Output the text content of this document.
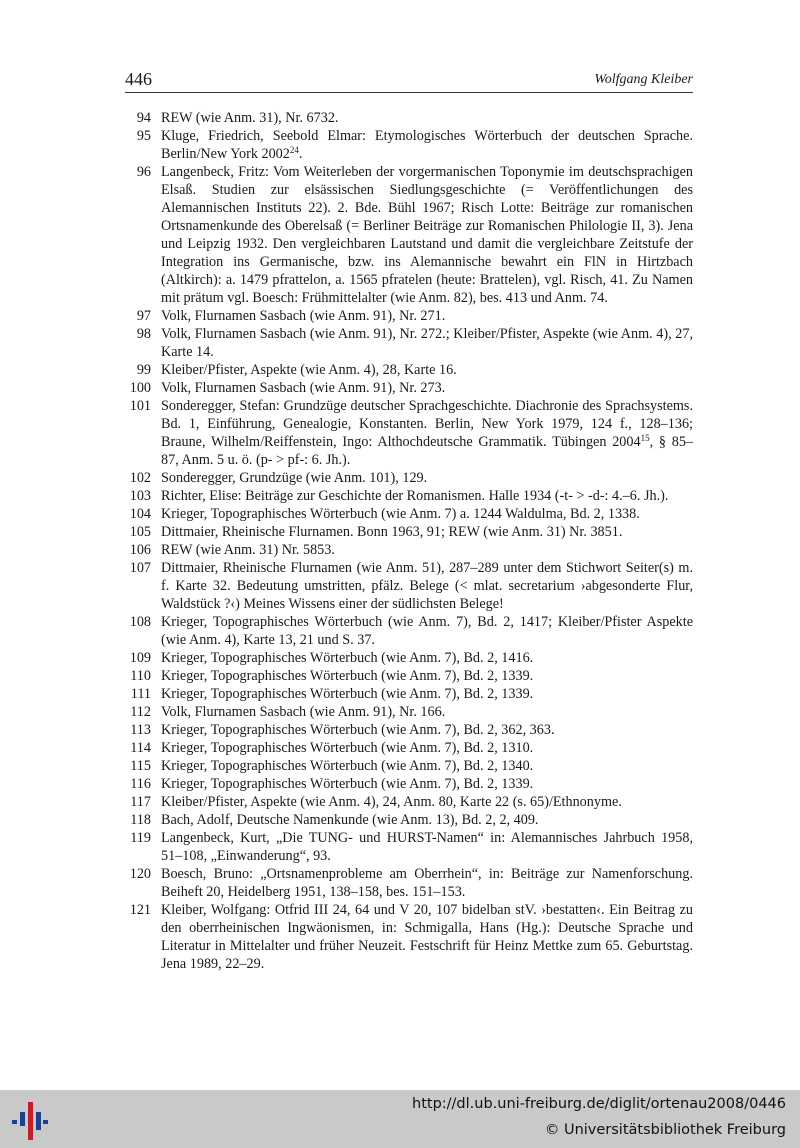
446	Wolfgang Kleiber
94 REW (wie Anm. 31), Nr. 6732.
95 Kluge, Friedrich, Seebold Elmar: Etymologisches Wörterbuch der deutschen Sprache. Berlin/New York 2002$^{24}$.
96 Langenbeck, Fritz: Vom Weiterleben der vorgermanischen Toponymie im deutschsprachigen Elsaß. Studien zur elsässischen Siedlungsgeschichte (= Veröffentlichungen des Alemannischen Instituts 22). 2. Bde. Bühl 1967; Risch Lotte: Beiträge zur romanischen Ortsnamenkunde des Oberelsaß (= Berliner Beiträge zur Romanischen Philologie II, 3). Jena und Leipzig 1932. Den vergleichbaren Lautstand und damit die vergleichbare Zeitstufe der Integration ins Germanische, bzw. ins Alemannische bewahrt ein FlN in Hirtzbach (Altkirch): a. 1479 pfrattelon, a. 1565 pfratelen (heute: Brattelen), vgl. Risch, 41. Zu Namen mit prätum vgl. Boesch: Frühmittelalter (wie Anm. 82), bes. 413 und Anm. 74.
97 Volk, Flurnamen Sasbach (wie Anm. 91), Nr. 271.
98 Volk, Flurnamen Sasbach (wie Anm. 91), Nr. 272.; Kleiber/Pfister, Aspekte (wie Anm. 4), 27, Karte 14.
99 Kleiber/Pfister, Aspekte (wie Anm. 4), 28, Karte 16.
100 Volk, Flurnamen Sasbach (wie Anm. 91), Nr. 273.
101 Sonderegger, Stefan: Grundzüge deutscher Sprachgeschichte. Diachronie des Sprachsystems. Bd. 1, Einführung, Genealogie, Konstanten. Berlin, New York 1979, 124 f., 128–136; Braune, Wilhelm/Reiffenstein, Ingo: Althochdeutsche Grammatik. Tübingen 2004$^{15}$, § 85–87, Anm. 5 u. ö. (p- > pf-: 6. Jh.).
102 Sonderegger, Grundzüge (wie Anm. 101), 129.
103 Richter, Elise: Beiträge zur Geschichte der Romanismen. Halle 1934 (-t- > -d-: 4.–6. Jh.).
104 Krieger, Topographisches Wörterbuch (wie Anm. 7) a. 1244 Waldulma, Bd. 2, 1338.
105 Dittmaier, Rheinische Flurnamen. Bonn 1963, 91; REW (wie Anm. 31) Nr. 3851.
106 REW (wie Anm. 31) Nr. 5853.
107 Dittmaier, Rheinische Flurnamen (wie Anm. 51), 287–289 unter dem Stichwort Seiter(s) m. f. Karte 32. Bedeutung umstritten, pfälz. Belege (< mlat. secretarium ›abgesonderte Flur, Waldstück ?‹) Meines Wissens einer der südlichsten Belege!
108 Krieger, Topographisches Wörterbuch (wie Anm. 7), Bd. 2, 1417; Kleiber/Pfister Aspekte (wie Anm. 4), Karte 13, 21 und S. 37.
109 Krieger, Topographisches Wörterbuch (wie Anm. 7), Bd. 2, 1416.
110 Krieger, Topographisches Wörterbuch (wie Anm. 7), Bd. 2, 1339.
111 Krieger, Topographisches Wörterbuch (wie Anm. 7), Bd. 2, 1339.
112 Volk, Flurnamen Sasbach (wie Anm. 91), Nr. 166.
113 Krieger, Topographisches Wörterbuch (wie Anm. 7), Bd. 2, 362, 363.
114 Krieger, Topographisches Wörterbuch (wie Anm. 7), Bd. 2, 1310.
115 Krieger, Topographisches Wörterbuch (wie Anm. 7), Bd. 2, 1340.
116 Krieger, Topographisches Wörterbuch (wie Anm. 7), Bd. 2, 1339.
117 Kleiber/Pfister, Aspekte (wie Anm. 4), 24, Anm. 80, Karte 22 (s. 65)/Ethnonyme.
118 Bach, Adolf, Deutsche Namenkunde (wie Anm. 13), Bd. 2, 2, 409.
119 Langenbeck, Kurt, „Die TUNG- und HURST-Namen“ in: Alemannisches Jahrbuch 1958, 51–108, „Einwanderung“, 93.
120 Boesch, Bruno: „Ortsnamenprobleme am Oberrhein“, in: Beiträge zur Namenforschung. Beiheft 20, Heidelberg 1951, 138–158, bes. 151–153.
121 Kleiber, Wolfgang: Otfrid III 24, 64 und V 20, 107 bidelban stV. ›bestatten‹. Ein Beitrag zu den oberrheinischen Ingwäonismen, in: Schmigalla, Hans (Hg.): Deutsche Sprache und Literatur in Mittelalter und früher Neuzeit. Festschrift für Heinz Mettke zum 65. Geburtstag. Jena 1989, 22–29.
http://dl.ub.uni-freiburg.de/diglit/ortenau2008/0446
© Universitätsbibliothek Freiburg
